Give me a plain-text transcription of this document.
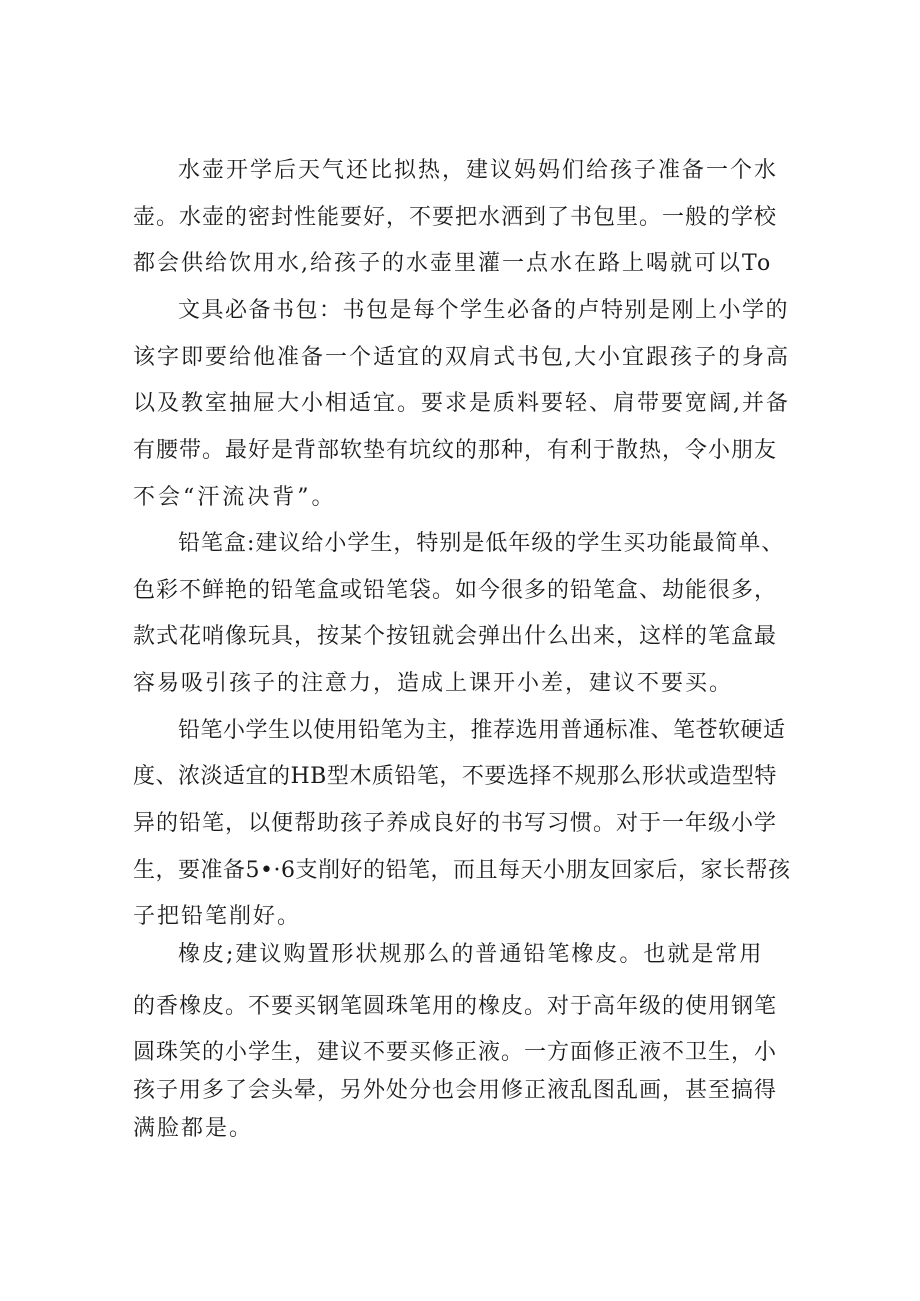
水壶开学后天气还比拟热，建议妈妈们给孩子准备一个水
壶。水壶的密封性能要好，不要把水洒到了书包里。一般的学校
都会供给饮用水,给孩子的水壶里灌一点水在路上喝就可以To
文具必备书包：书包是每个学生必备的卢特别是刚上小学的
该字即要给他准备一个适宜的双肩式书包,大小宜跟孩子的身高
以及教室抽屉大小相适宜。要求是质料要轻、肩带要宽阔,并备
有腰带。最好是背部软垫有坑纹的那种，有利于散热，令小朋友
不会“汗流决背”。
铅笔盒:建议给小学生，特别是低年级的学生买功能最简单、
色彩不鲜艳的铅笔盒或铅笔袋。如今很多的铅笔盒、劫能很多，
款式花哨像玩具，按某个按钮就会弹出什么出来，这样的笔盒最
容易吸引孩子的注意力，造成上课开小差，建议不要买。
铅笔小学生以使用铅笔为主，推荐选用普通标准、笔苍软硬适
度、浓淡适宜的HB型木质铅笔，不要选择不规那么形状或造型特
异的铅笔，以便帮助孩子养成良好的书写习惯。对于一年级小学
生，要准备5•·6支削好的铅笔，而且每天小朋友回家后，家长帮孩
子把铅笔削好。
橡皮;建议购置形状规那么的普通铅笔橡皮。也就是常用
的香橡皮。不要买钢笔圆珠笔用的橡皮。对于高年级的使用钢笔
圆珠笑的小学生，建议不要买修正液。一方面修正液不卫生，小
孩子用多了会头晕，另外处分也会用修正液乱图乱画，甚至搞得
满脸都是。
